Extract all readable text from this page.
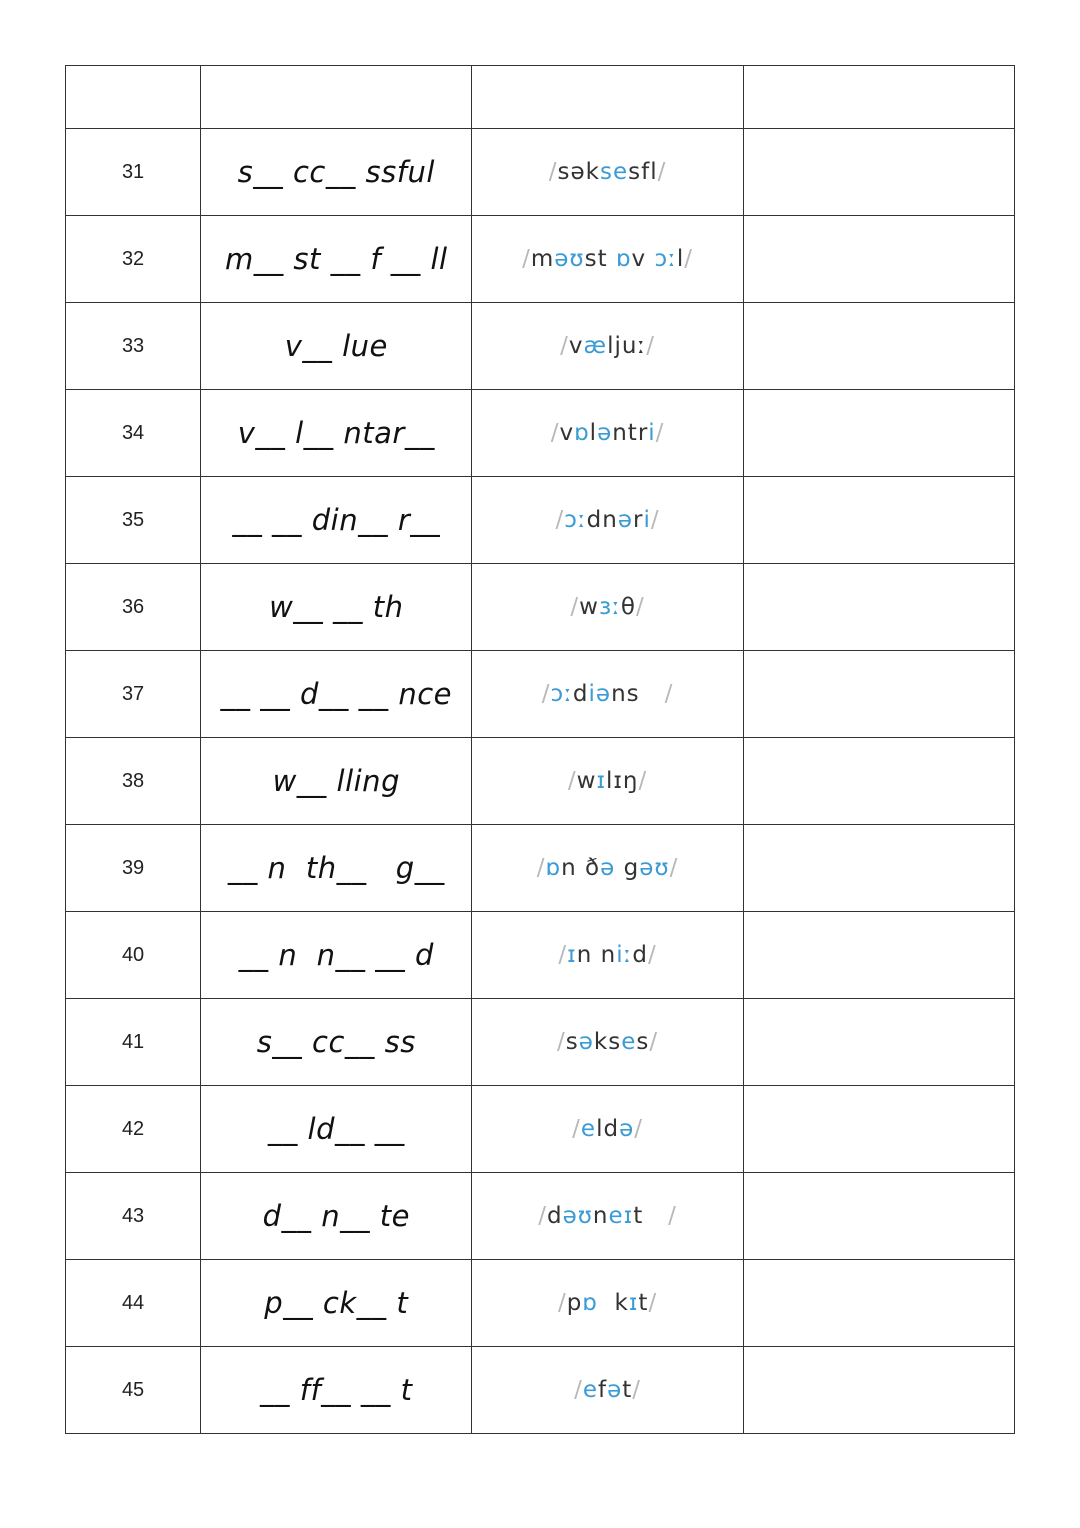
31	s__ cc__ ssful	/səksesfl/	
32	m__ st __ f __ ll	/məʊst ɒv ɔːl/	
33	v__ lue	/væljuː/	
34	v__ l__ ntar__	/vɒləntri/	
35	__ __ din__ r__	/ɔːdnəri/	
36	w__ __ th	/wɜːθ/	
37	__ __ d__ __ nce	/ɔːdiəns   /	
38	w__ lling	/wɪlɪŋ/	
39	__ n  th__   g__	/ɒn ðə gəʊ/	
40	__ n  n__ __ d	/ɪn niːd/	
41	s__ cc__ ss	/səkses/	
42	__ ld__ __	/eldə/	
43	d__ n__ te	/dəʊneɪt   /	
44	p__ ck__ t	/pɒ  kɪt/	
45	__ ff__ __ t	/efət/	
